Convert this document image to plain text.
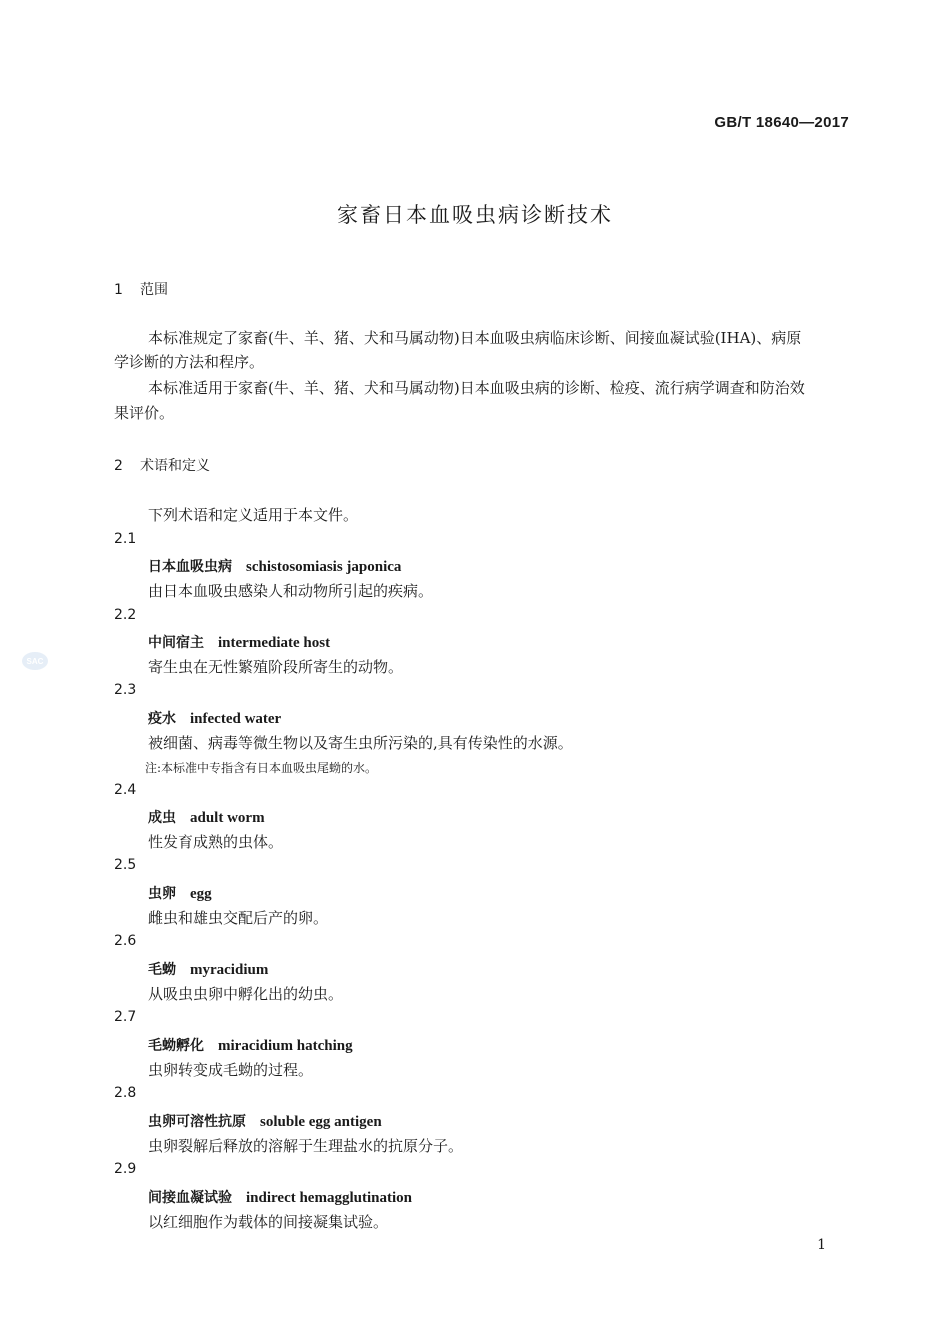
GB/T 18640—2017
家畜日本血吸虫病诊断技术
1 范围
本标准规定了家畜(牛、羊、猪、犬和马属动物)日本血吸虫病临床诊断、间接血凝试验(IHA)、病原
学诊断的方法和程序。
本标准适用于家畜(牛、羊、猪、犬和马属动物)日本血吸虫病的诊断、检疫、流行病学调查和防治效
果评价。
2 术语和定义
下列术语和定义适用于本文件。
2.1
日本血吸虫病 schistosomiasis japonica
由日本血吸虫感染人和动物所引起的疾病。
2.2
中间宿主 intermediate host
寄生虫在无性繁殖阶段所寄生的动物。
2.3
疫水 infected water
被细菌、病毒等微生物以及寄生虫所污染的,具有传染性的水源。
注:本标准中专指含有日本血吸虫尾蚴的水。
2.4
成虫 adult worm
性发育成熟的虫体。
2.5
虫卵 egg
雌虫和雄虫交配后产的卵。
2.6
毛蚴 myracidium
从吸虫虫卵中孵化出的幼虫。
2.7
毛蚴孵化 miracidium hatching
虫卵转变成毛蚴的过程。
2.8
虫卵可溶性抗原 soluble egg antigen
虫卵裂解后释放的溶解于生理盐水的抗原分子。
2.9
间接血凝试验 indirect hemagglutination
以红细胞作为载体的间接凝集试验。
SAC
1
